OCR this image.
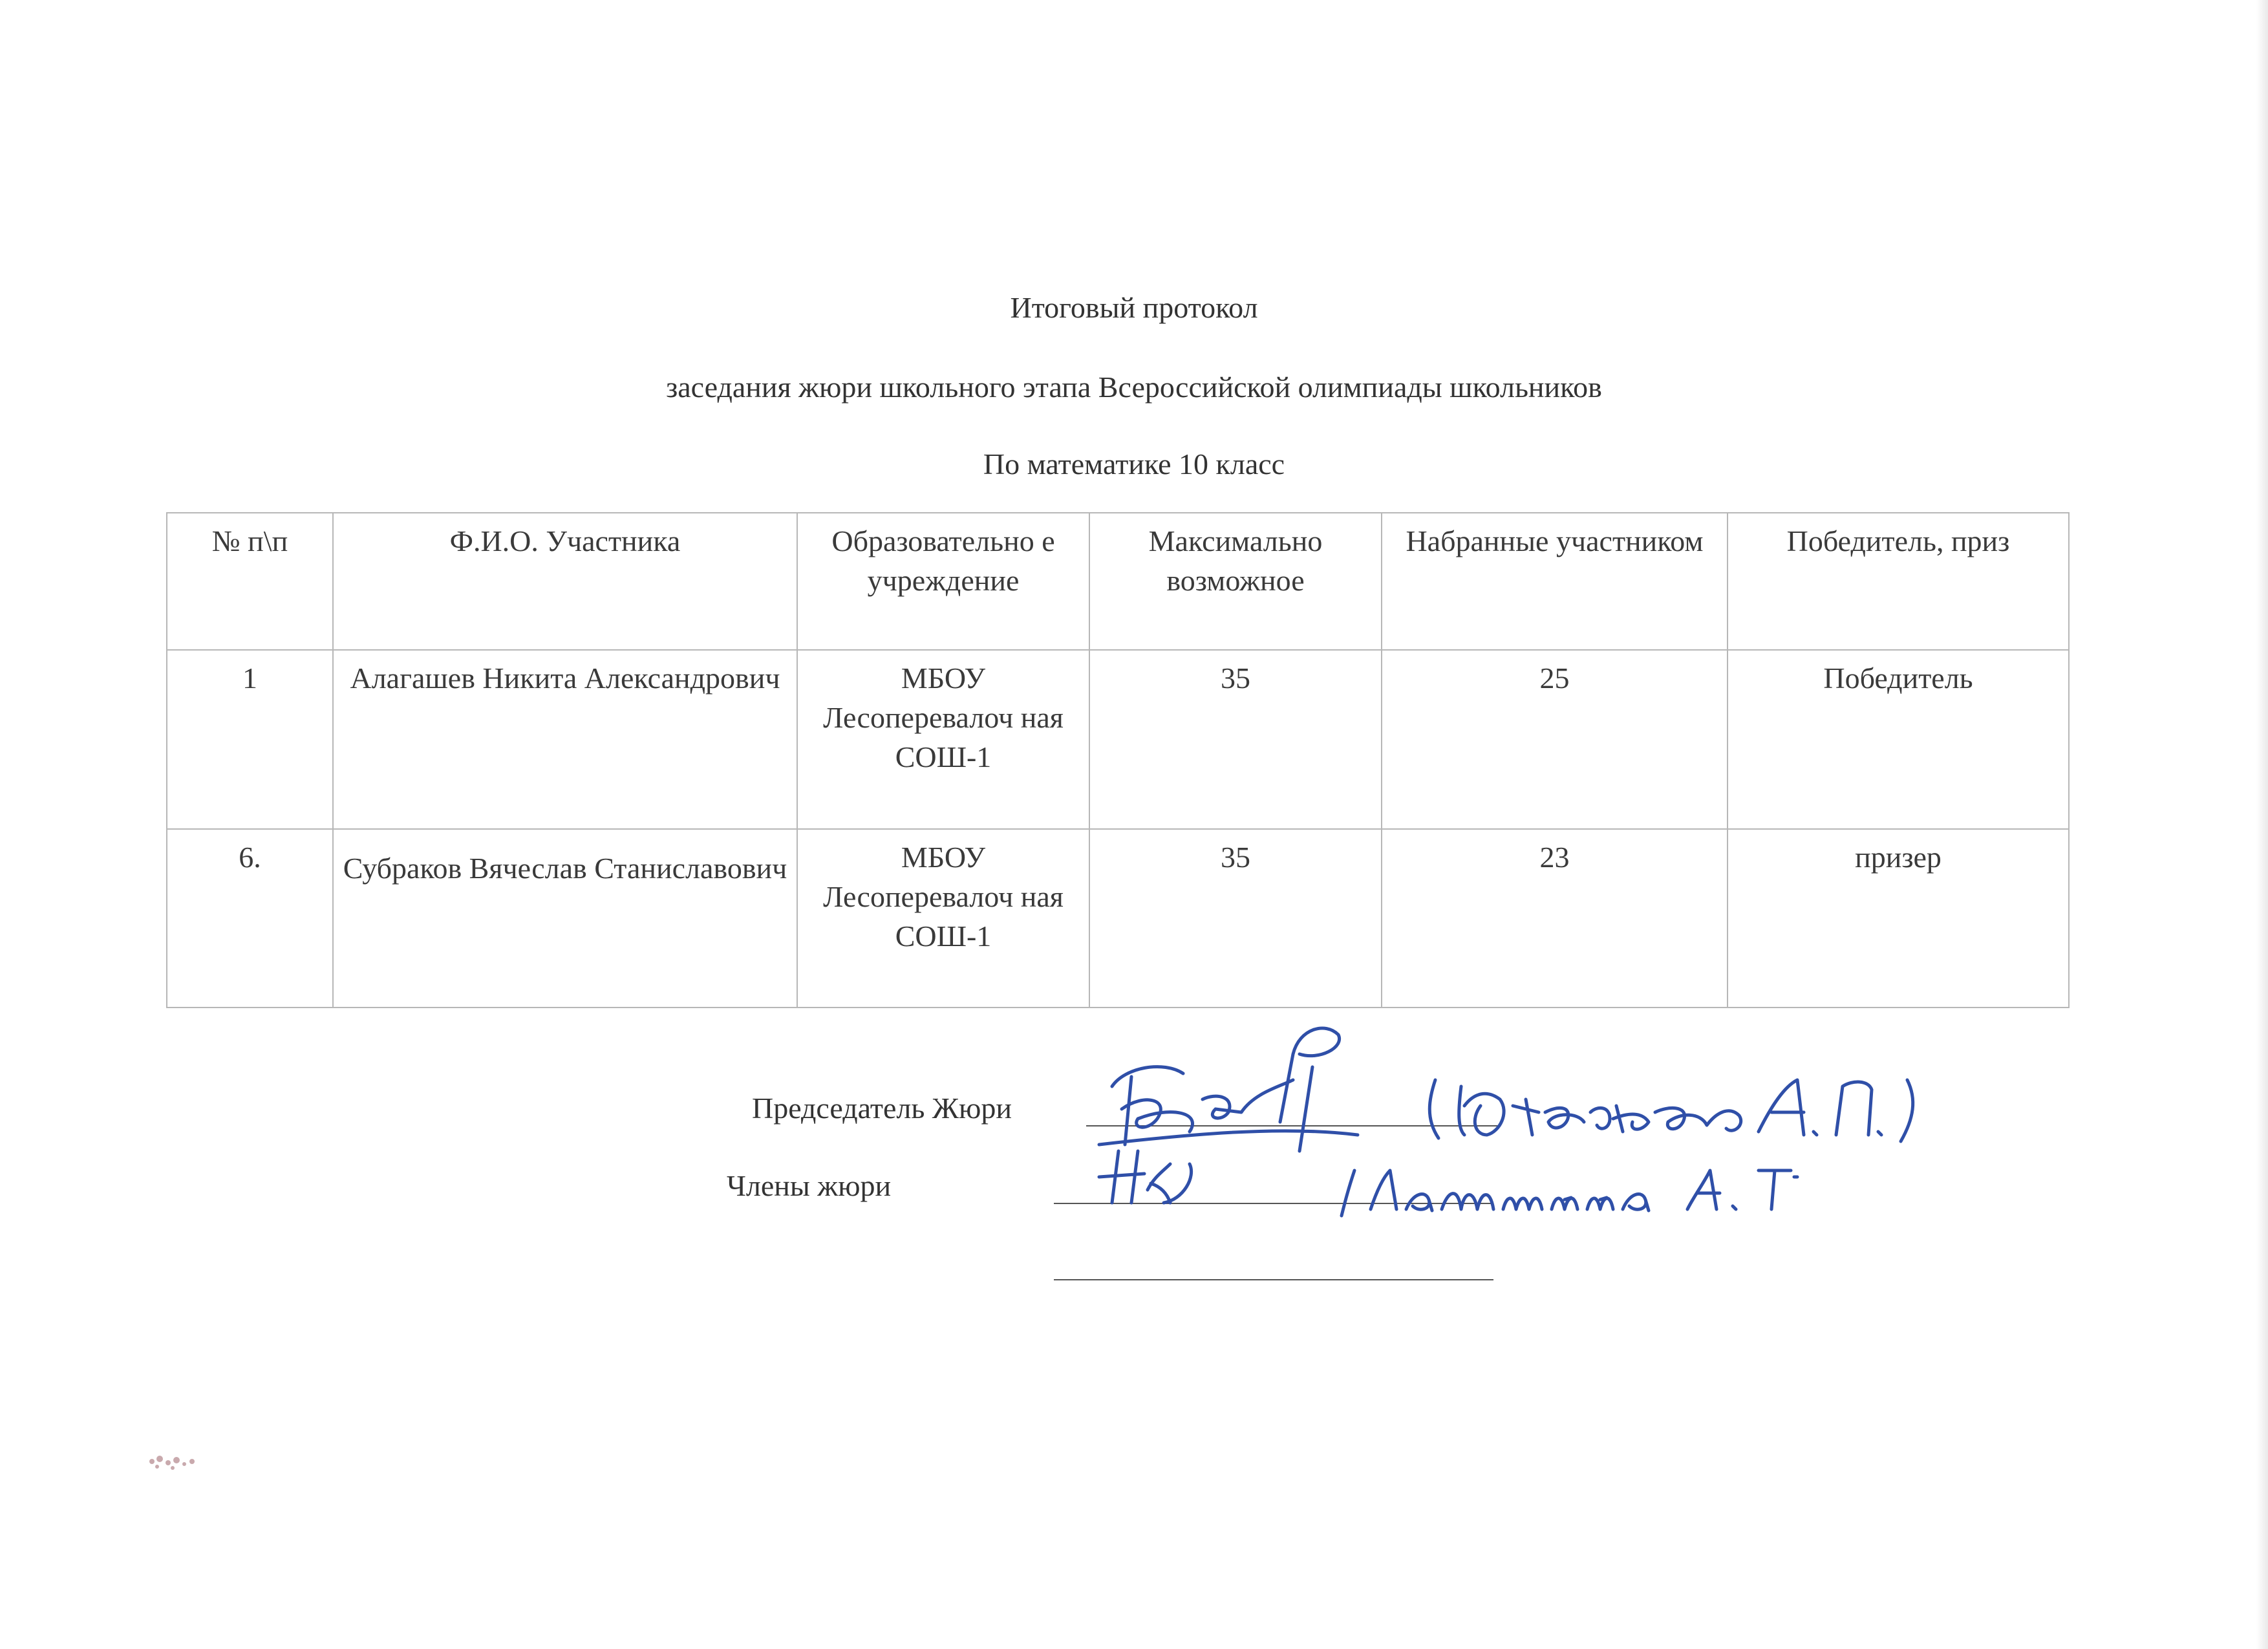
Итоговый протокол
заседания жюри школьного этапа Всероссийской олимпиады школьников
По математике 10 класс
№ п\п	Ф.И.О. Участника	Образовательно е учреждение	Максимально возможное	Набранные участником	Победитель, приз
1	Алагашев Никита Александрович	МБОУ Лесоперевалоч ная СОШ-1	35	25	Победитель
6.	Субраков Вячеслав Станиславович	МБОУ Лесоперевалоч ная СОШ-1	35	23	призер
Председатель Жюри
Члены жюри
